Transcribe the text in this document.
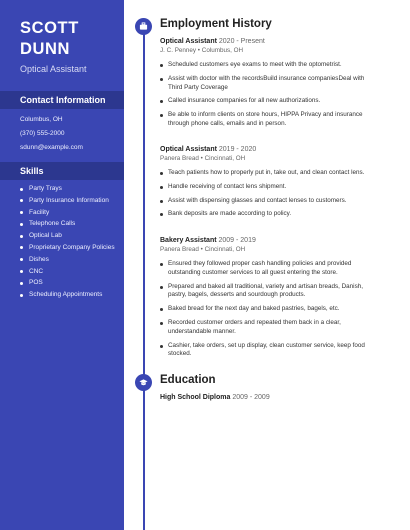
SCOTT
DUNN
Optical Assistant
Contact Information
Columbus, OH
(370) 555-2000
sdunn@example.com
Skills
Party Trays
Party Insurance Information
Facility
Telephone Calls
Optical Lab
Proprietary Company Policies
Dishes
CNC
POS
Scheduling Appointments
Employment History
Optical Assistant 2020 - Present
J. C. Penney • Columbus, OH
Scheduled customers eye exams to meet with the optometrist.
Assist with doctor with the recordsBuild insurance companiesDeal with Third Party Coverage
Called insurance companies for all new authorizations.
Be able to inform clients on store hours, HIPPA Privacy and insurance through phone calls, emails and in person.
Optical Assistant 2019 - 2020
Panera Bread • Cincinnati, OH
Teach patients how to properly put in, take out, and clean contact lens.
Handle receiving of contact lens shipment.
Assist with dispensing glasses and contact lenses to customers.
Bank deposits are made according to policy.
Bakery Assistant 2009 - 2019
Panera Bread • Cincinnati, OH
Ensured they followed proper cash handling policies and provided outstanding customer services to all guest entering the store.
Prepared and baked all traditional, variety and artisan breads, Danish, pastry, bagels, desserts and sourdough products.
Baked bread for the next day and baked pastries, bagels, etc.
Recorded customer orders and repeated them back in a clear, understandable manner.
Cashier, take orders, set up display, clean customer service, keep food stocked.
Education
High School Diploma 2009 - 2009
